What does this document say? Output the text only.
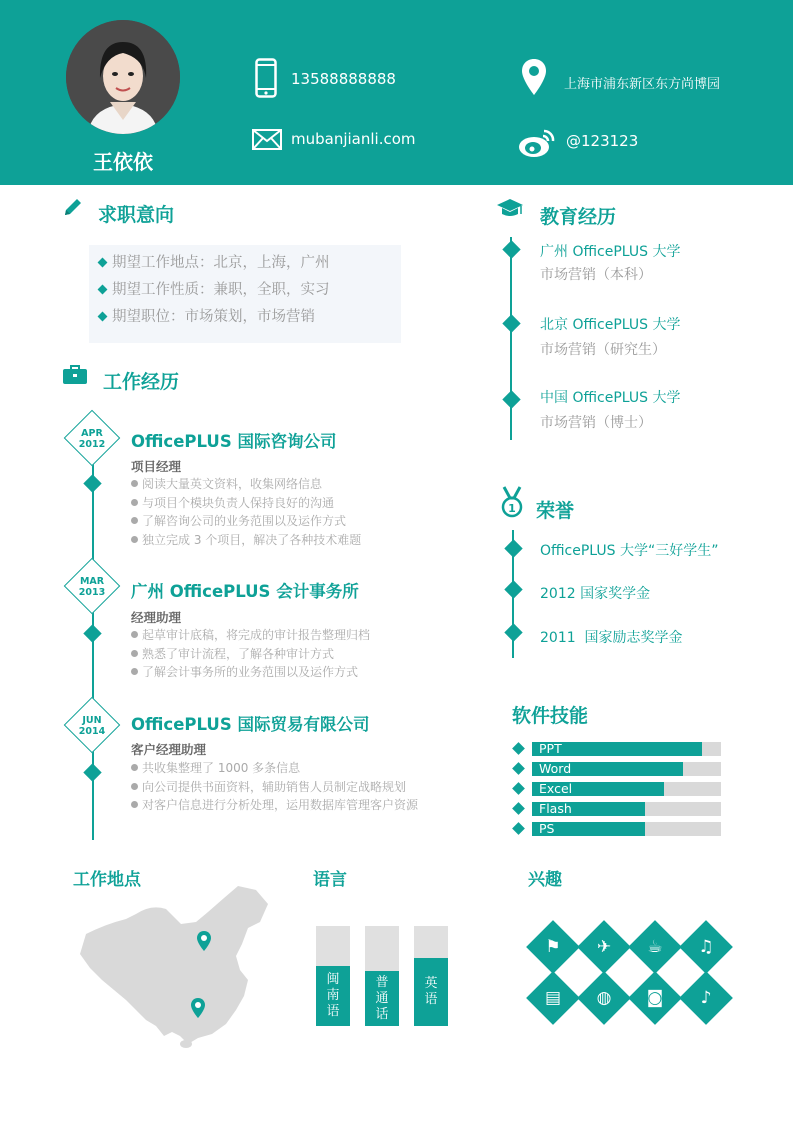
王依依
13588888888
mubanjianli.com
上海市浦东新区东方尚博园
@123123
求职意向
期望工作地点：北京，上海，广州
期望工作性质：兼职，全职，实习
期望职位：市场策划，市场营销
工作经历
APR
2012	OfficePLUS 国际咨询公司
项目经理
阅读大量英文资料，收集网络信息
与项目个模块负责人保持良好的沟通
了解咨询公司的业务范围以及运作方式
独立完成 3 个项目，解决了各种技术难题
MAR
2013	广州 OfficePLUS 会计事务所
经理助理
起草审计底稿，将完成的审计报告整理归档
熟悉了审计流程，了解各种审计方式
了解会计事务所的业务范围以及运作方式
JUN
2014	OfficePLUS 国际贸易有限公司
客户经理助理
共收集整理了 1000 多条信息
向公司提供书面资料，辅助销售人员制定战略规划
对客户信息进行分析处理，运用数据库管理客户资源
教育经历
广州 OfficePLUS 大学
市场营销（本科）
北京 OfficePLUS 大学
市场营销（研究生）
中国 OfficePLUS 大学
市场营销（博士）
1 荣誉
OfficePLUS 大学“三好学生”
2012 国家奖学金
2011  国家励志奖学金
软件技能
PPT
Word
Excel
Flash
PS
工作地点	语言
闽
南
语
普
通
话
英
语
兴趣
⚑	✈	☕	♫
▤	◍	◙	♪
